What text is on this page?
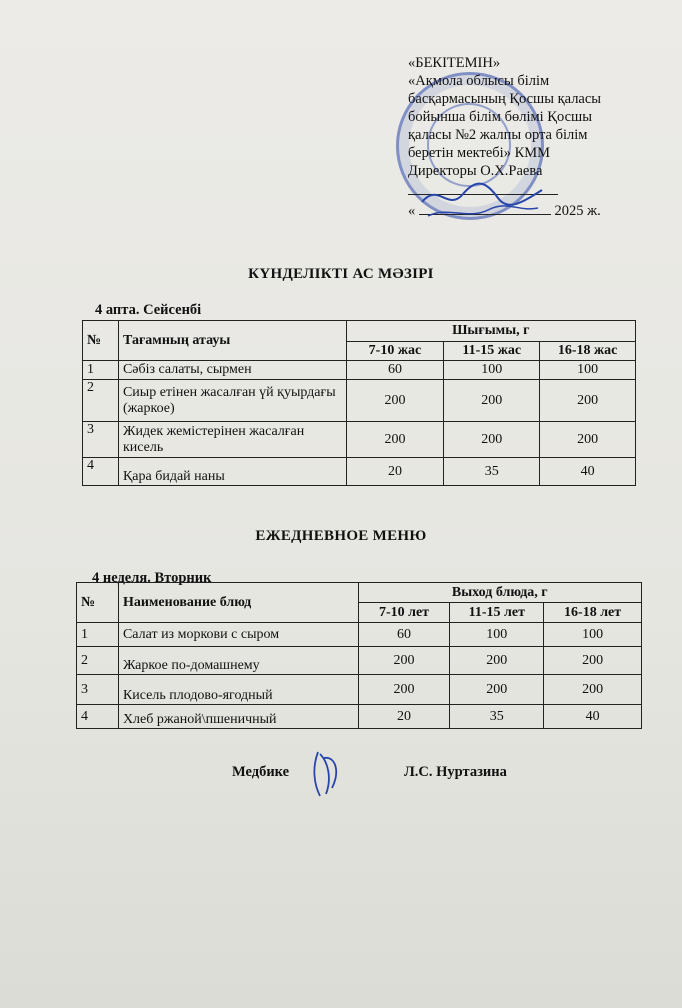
«БЕКІТЕМІН»
«Ақмола облысы білім
басқармасының Қосшы қаласы
бойынша білім бөлімі Қосшы
қаласы №2 жалпы орта білім
беретін мектебі» КММ
Директоры О.Х.Раева
«	2025 ж.
КҮНДЕЛІКТІ АС МӘЗІРІ
4 апта. Сейсенбі
№	Тағамның атауы	Шығымы, г		
		7-10 жас	11-15 жас	16-18 жас
1	Сәбіз салаты, сырмен	60	100	100
2	Сиыр етінен жасалған үй қуырдағы (жаркое)	200	200	200
3	Жидек жемістерінен жасалған кисель	200	200	200
4	Қара бидай наны	20	35	40
ЕЖЕДНЕВНОЕ МЕНЮ
4 неделя. Вторник
№	Наименование блюд	Выход блюда, г		
		7-10 лет	11-15 лет	16-18 лет
1	Салат из моркови с сыром	60	100	100
2	Жаркое по-домашнему	200	200	200
3	Кисель плодово-ягодный	200	200	200
4	Хлеб ржаной\пшеничный	20	35	40
Медбике	Л.С. Нуртазина
